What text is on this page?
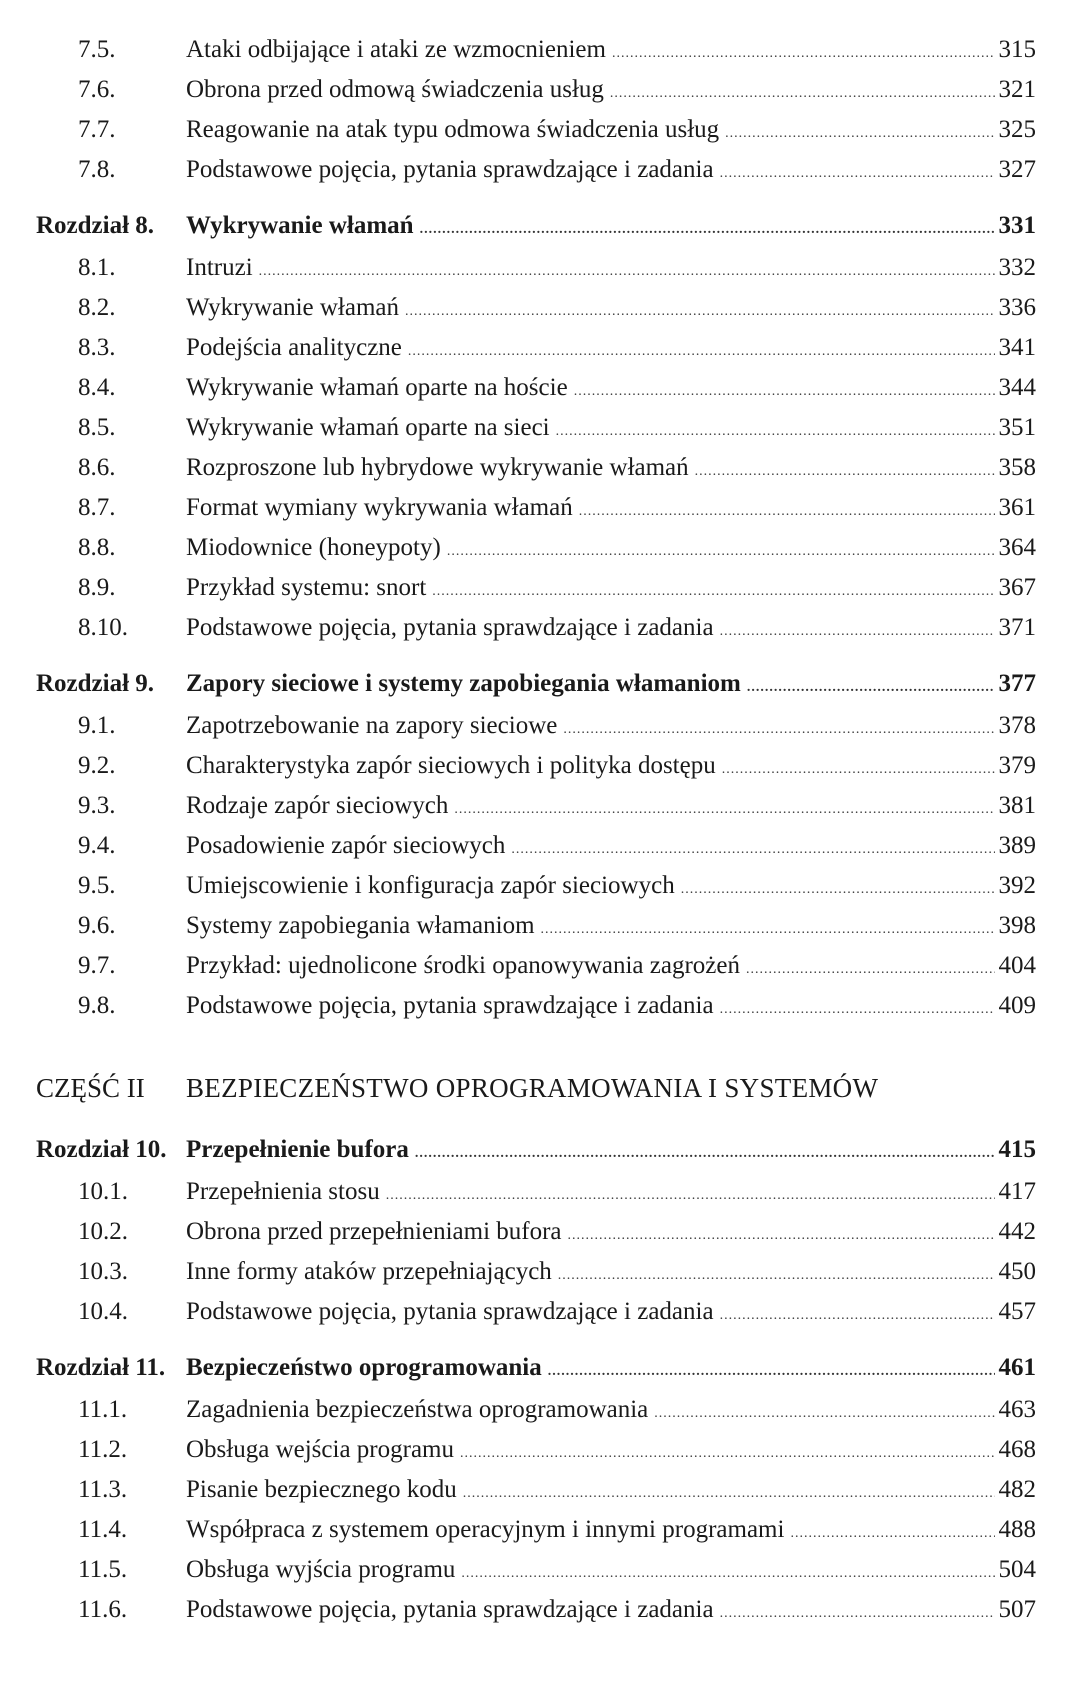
7.5.	Ataki odbijające i ataki ze wzmocnieniem .....	315
7.6.	Obrona przed odmową świadczenia usług .....	321
7.7.	Reagowanie na atak typu odmowa świadczenia usług .....	325
7.8.	Podstawowe pojęcia, pytania sprawdzające i zadania .....	327
Rozdział 8.	Wykrywanie włamań .....	331
8.1.	Intruzi .....	332
8.2.	Wykrywanie włamań .....	336
8.3.	Podejścia analityczne .....	341
8.4.	Wykrywanie włamań oparte na hoście .....	344
8.5.	Wykrywanie włamań oparte na sieci .....	351
8.6.	Rozproszone lub hybrydowe wykrywanie włamań .....	358
8.7.	Format wymiany wykrywania włamań .....	361
8.8.	Miodownice (honeypoty) .....	364
8.9.	Przykład systemu: snort .....	367
8.10.	Podstawowe pojęcia, pytania sprawdzające i zadania .....	371
Rozdział 9.	Zapory sieciowe i systemy zapobiegania włamaniom .....	377
9.1.	Zapotrzebowanie na zapory sieciowe .....	378
9.2.	Charakterystyka zapór sieciowych i polityka dostępu .....	379
9.3.	Rodzaje zapór sieciowych .....	381
9.4.	Posadowienie zapór sieciowych .....	389
9.5.	Umiejscowienie i konfiguracja zapór sieciowych .....	392
9.6.	Systemy zapobiegania włamaniom .....	398
9.7.	Przykład: ujednolicone środki opanowywania zagrożeń .....	404
9.8.	Podstawowe pojęcia, pytania sprawdzające i zadania .....	409
CZĘŚĆ II	BEZPIECZEŃSTWO OPROGRAMOWANIA I SYSTEMÓW
Rozdział 10. Przepełnienie bufora .....	415
10.1.	Przepełnienia stosu .....	417
10.2.	Obrona przed przepełnieniami bufora .....	442
10.3.	Inne formy ataków przepełniających .....	450
10.4.	Podstawowe pojęcia, pytania sprawdzające i zadania .....	457
Rozdział 11. Bezpieczeństwo oprogramowania .....	461
11.1.	Zagadnienia bezpieczeństwa oprogramowania .....	463
11.2.	Obsługa wejścia programu .....	468
11.3.	Pisanie bezpiecznego kodu .....	482
11.4.	Współpraca z systemem operacyjnym i innymi programami .....	488
11.5.	Obsługa wyjścia programu .....	504
11.6.	Podstawowe pojęcia, pytania sprawdzające i zadania .....	507
